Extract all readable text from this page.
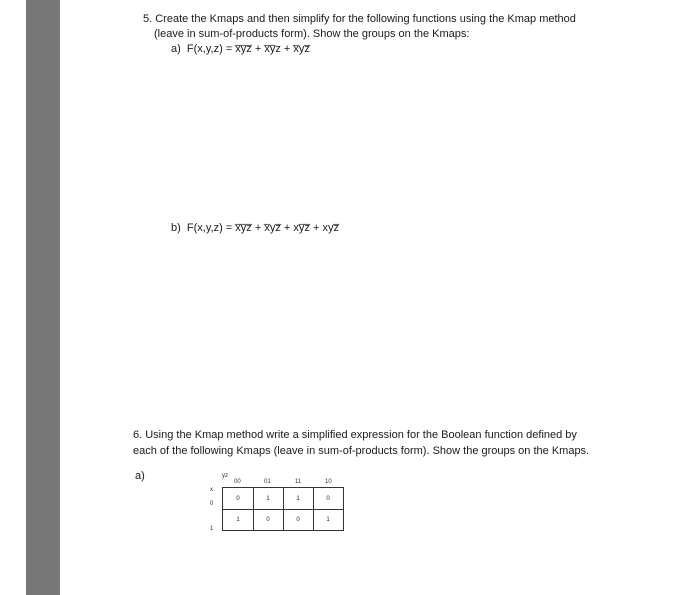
5. Create the Kmaps and then simplify for the following functions using the Kmap method
(leave in sum-of-products form). Show the groups on the Kmaps:
a) F(x,y,z) = x̅y̅z̅ + x̅y̅z + x̅yz̅
b) F(x,y,z) = x̅y̅z̅ + x̅yz̅ + xy̅z̅ + xyz̅
6. Using the Kmap method write a simplified expression for the Boolean function defined by
each of the following Kmaps (leave in sum-of-products form). Show the groups on the Kmaps.
a)	yz
x
00	01	11	10
0
1
0	1	1	0
1	0	0	1
